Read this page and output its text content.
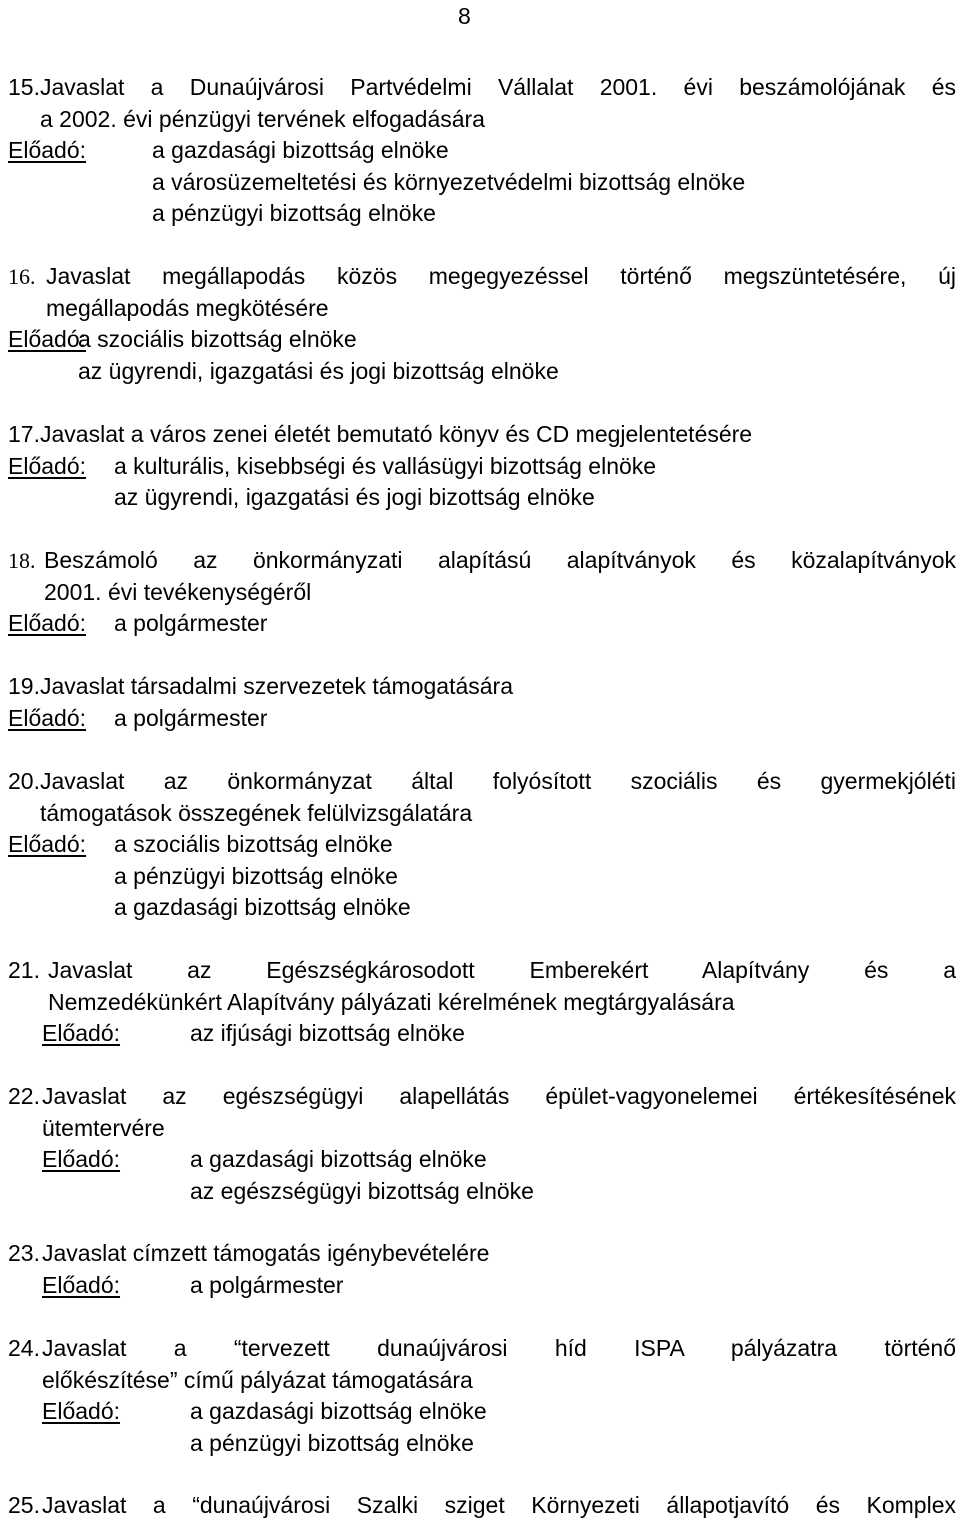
8
15. Javaslat a Dunaújvárosi Partvédelmi Vállalat 2001. évi beszámolójának és
a 2002. évi pénzügyi tervének elfogadására
Előadó:	a gazdasági bizottság elnöke
a városüzemeltetési és környezetvédelmi bizottság elnöke
a pénzügyi bizottság elnöke
16. Javaslat megállapodás közös megegyezéssel történő megszüntetésére, új
megállapodás megkötésére
Előadó:
a szociális bizottság elnöke
az ügyrendi, igazgatási és jogi bizottság elnöke
17. Javaslat a város zenei életét bemutató könyv és CD megjelentetésére
Előadó: a kulturális, kisebbségi és vallásügyi bizottság elnöke
az ügyrendi, igazgatási és jogi bizottság elnöke
18. Beszámoló az önkormányzati alapítású alapítványok és közalapítványok
2001. évi tevékenységéről
Előadó: a polgármester
19. Javaslat társadalmi szervezetek támogatására
Előadó: a polgármester
20. Javaslat az önkormányzat által folyósított szociális és gyermekjóléti
támogatások összegének felülvizsgálatára
Előadó: a szociális bizottság elnöke
a pénzügyi bizottság elnöke
a gazdasági bizottság elnöke
21. Javaslat az Egészségkárosodott Emberekért Alapítvány és a
Nemzedékünkért Alapítvány pályázati kérelmének megtárgyalására
Előadó:	az ifjúsági bizottság elnöke
22. Javaslat az egészségügyi alapellátás épület-vagyonelemei értékesítésének
ütemtervére
Előadó:	a gazdasági bizottság elnöke
az egészségügyi bizottság elnöke
23. Javaslat címzett támogatás igénybevételére
Előadó:	a polgármester
24. Javaslat a “tervezett dunaújvárosi híd ISPA pályázatra történő
előkészítése” című pályázat támogatására
Előadó:	a gazdasági bizottság elnöke
a pénzügyi bizottság elnöke
25. Javaslat a “dunaújvárosi Szalki sziget Környezeti állapotjavító és Komplex
